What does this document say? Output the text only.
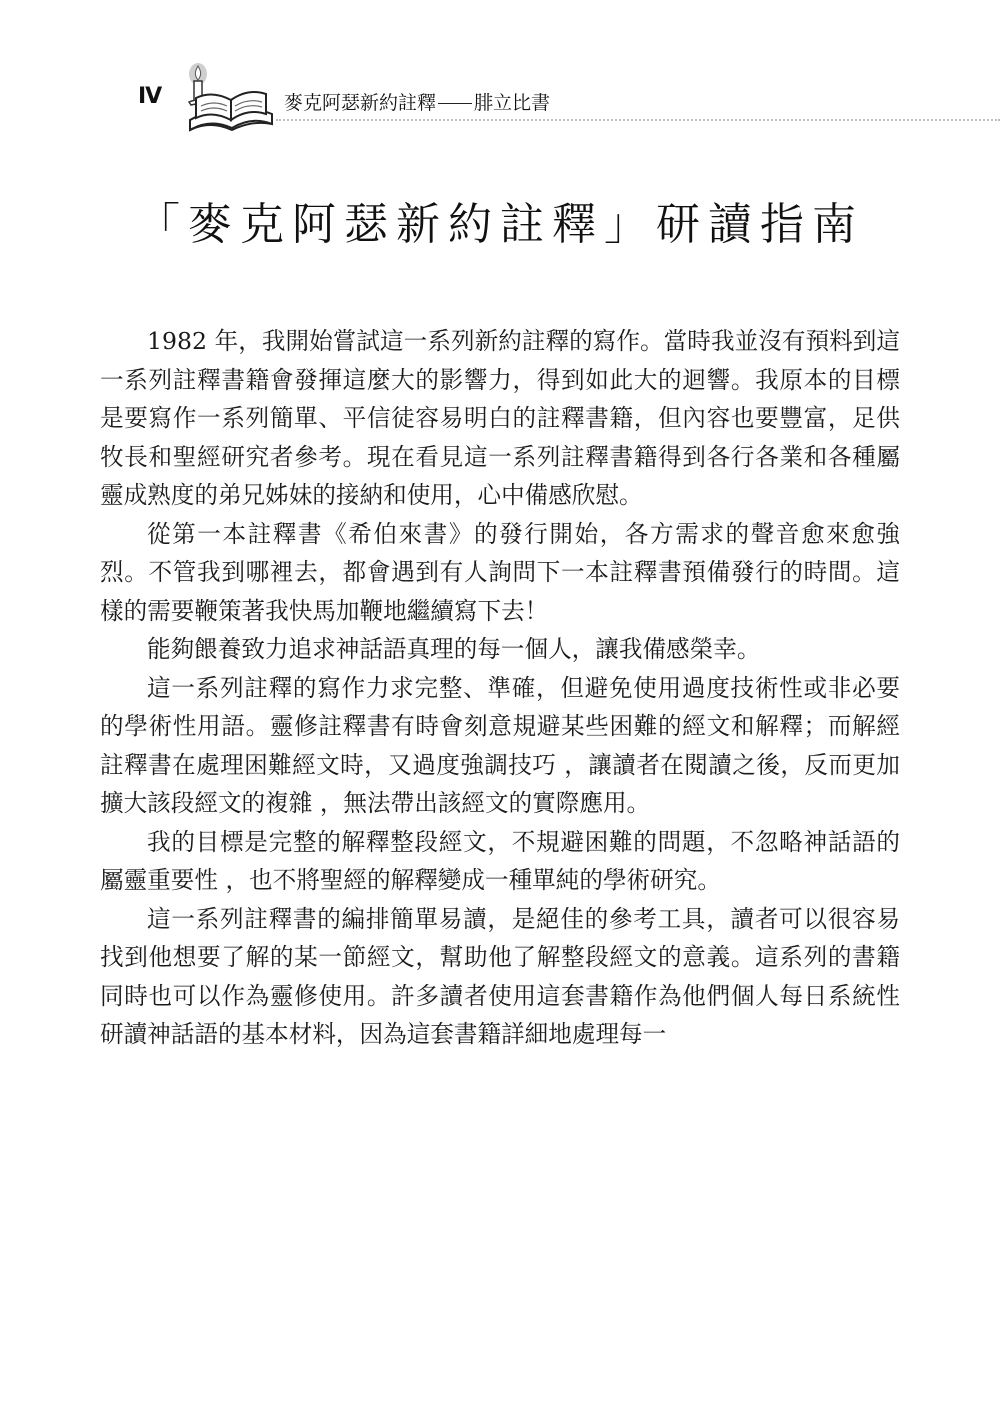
Ⅳ	麥克阿瑟新約註釋 腓立比書
「麥克阿瑟新約註釋」研讀指南

1982 年，我開始嘗試這一系列新約註釋的寫作。當時我並沒有預料到這一系列註釋書籍會發揮這麼大的影響力，得到如此大的迴響。我原本的目標是要寫作一系列簡單、平信徒容易明白的註釋書籍，但內容也要豐富，足供牧長和聖經研究者參考。現在看見這一系列註釋書籍得到各行各業和各種屬靈成熟度的弟兄姊妹的接納和使用，心中備感欣慰。

從第一本註釋書《希伯來書》的發行開始，各方需求的聲音愈來愈強烈。不管我到哪裡去，都會遇到有人詢問下一本註釋書預備發行的時間。這樣的需要鞭策著我快馬加鞭地繼續寫下去！

能夠餵養致力追求神話語真理的每一個人，讓我備感榮幸。

這一系列註釋的寫作力求完整、準確，但避免使用過度技術性或非必要的學術性用語。靈修註釋書有時會刻意規避某些困難的經文和解釋；而解經註釋書在處理困難經文時，又過度強調技巧 ，讓讀者在閱讀之後，反而更加擴大該段經文的複雜 ，無法帶出該經文的實際應用。

我的目標是完整的解釋整段經文，不規避困難的問題，不忽略神話語的屬靈重要性 ，也不將聖經的解釋變成一種單純的學術研究。

這一系列註釋書的編排簡單易讀，是絕佳的參考工具，讀者可以很容易找到他想要了解的某一節經文，幫助他了解整段經文的意義。這系列的書籍同時也可以作為靈修使用。許多讀者使用這套書籍作為他們個人每日系統性研讀神話語的基本材料，因為這套書籍詳細地處理每一
